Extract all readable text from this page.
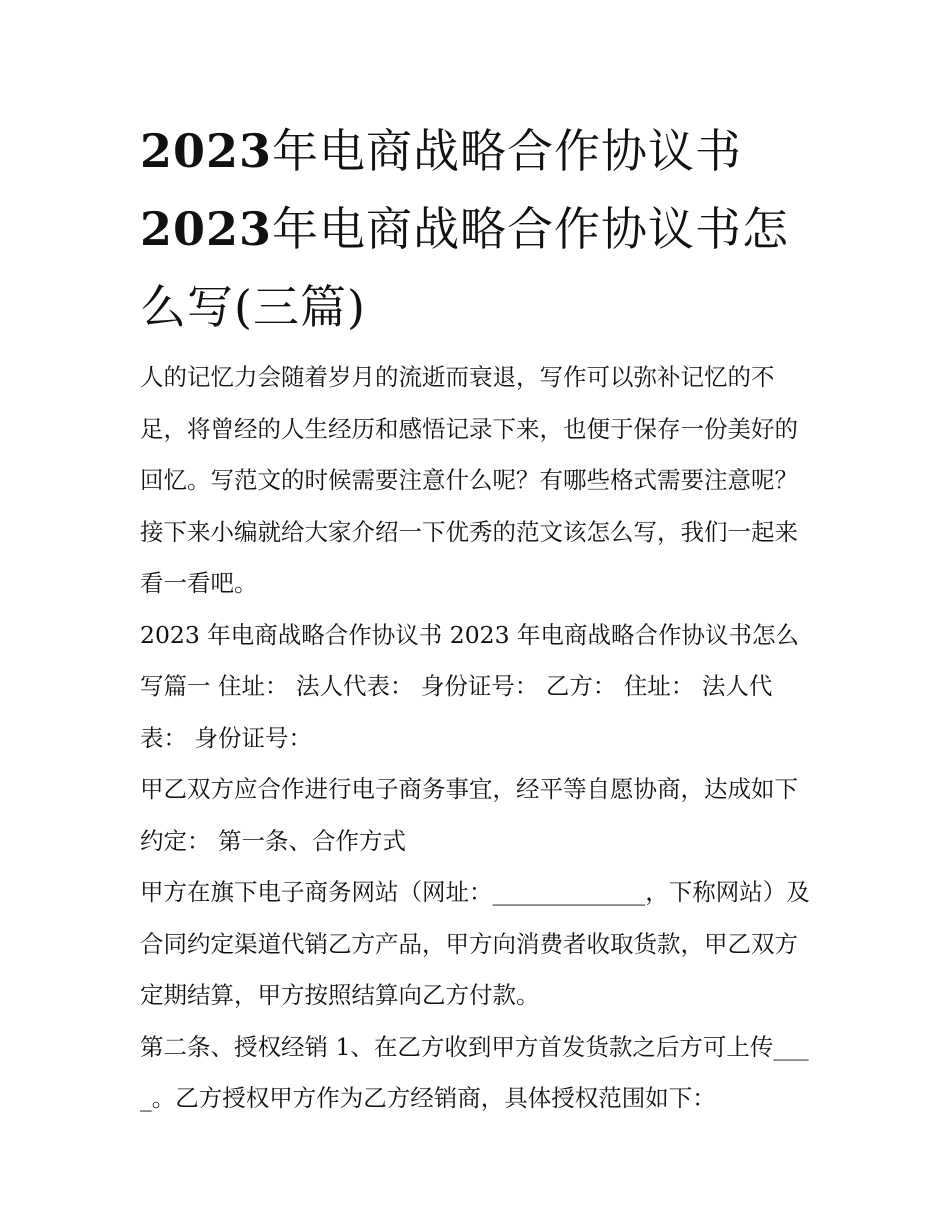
2023年电商战略合作协议书
2023年电商战略合作协议书怎么写(三篇)

人的记忆力会随着岁月的流逝而衰退，写作可以弥补记忆的不足，将曾经的人生经历和感悟记录下来，也便于保存一份美好的回忆。写范文的时候需要注意什么呢？有哪些格式需要注意呢？接下来小编就给大家介绍一下优秀的范文该怎么写，我们一起来看一看吧。

2023 年电商战略合作协议书 2023 年电商战略合作协议书怎么写篇一 住址： 法人代表： 身份证号： 乙方： 住址： 法人代表： 身份证号：

甲乙双方应合作进行电子商务事宜，经平等自愿协商，达成如下约定： 第一条、合作方式

甲方在旗下电子商务网站（网址：_____________，下称网站）及合同约定渠道代销乙方产品，甲方向消费者收取货款，甲乙双方定期结算，甲方按照结算向乙方付款。

第二条、授权经销 1、在乙方收到甲方首发货款之后方可上传____。乙方授权甲方作为乙方经销商，具体授权范围如下：
